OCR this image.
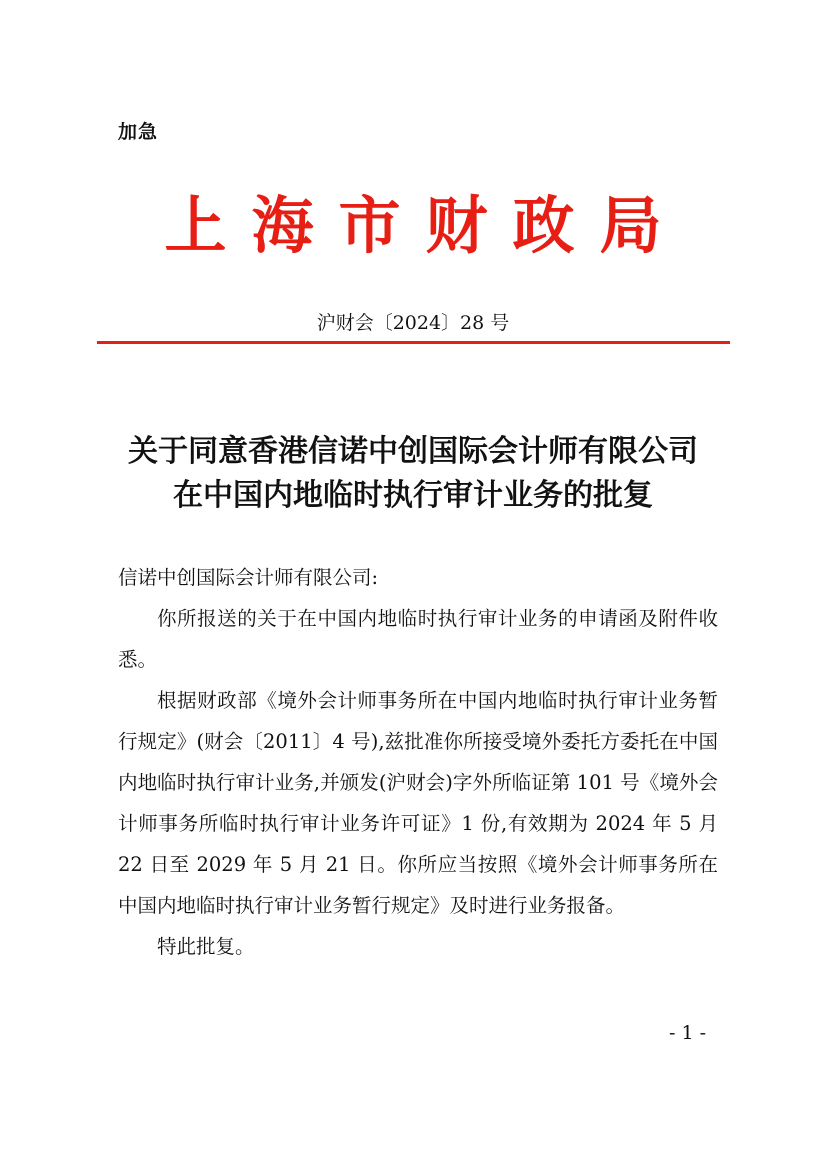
加急
上海市财政局
沪财会〔2024〕28 号
关于同意香港信诺中创国际会计师有限公司
在中国内地临时执行审计业务的批复

信诺中创国际会计师有限公司:

你所报送的关于在中国内地临时执行审计业务的申请函及附件收悉。

根据财政部《境外会计师事务所在中国内地临时执行审计业务暂行规定》(财会〔2011〕4 号),兹批准你所接受境外委托方委托在中国内地临时执行审计业务,并颁发(沪财会)字外所临证第 101 号《境外会计师事务所临时执行审计业务许可证》1 份,有效期为 2024 年 5 月 22 日至 2029 年 5 月 21 日。你所应当按照《境外会计师事务所在中国内地临时执行审计业务暂行规定》及时进行业务报备。

特此批复。

- 1 -
